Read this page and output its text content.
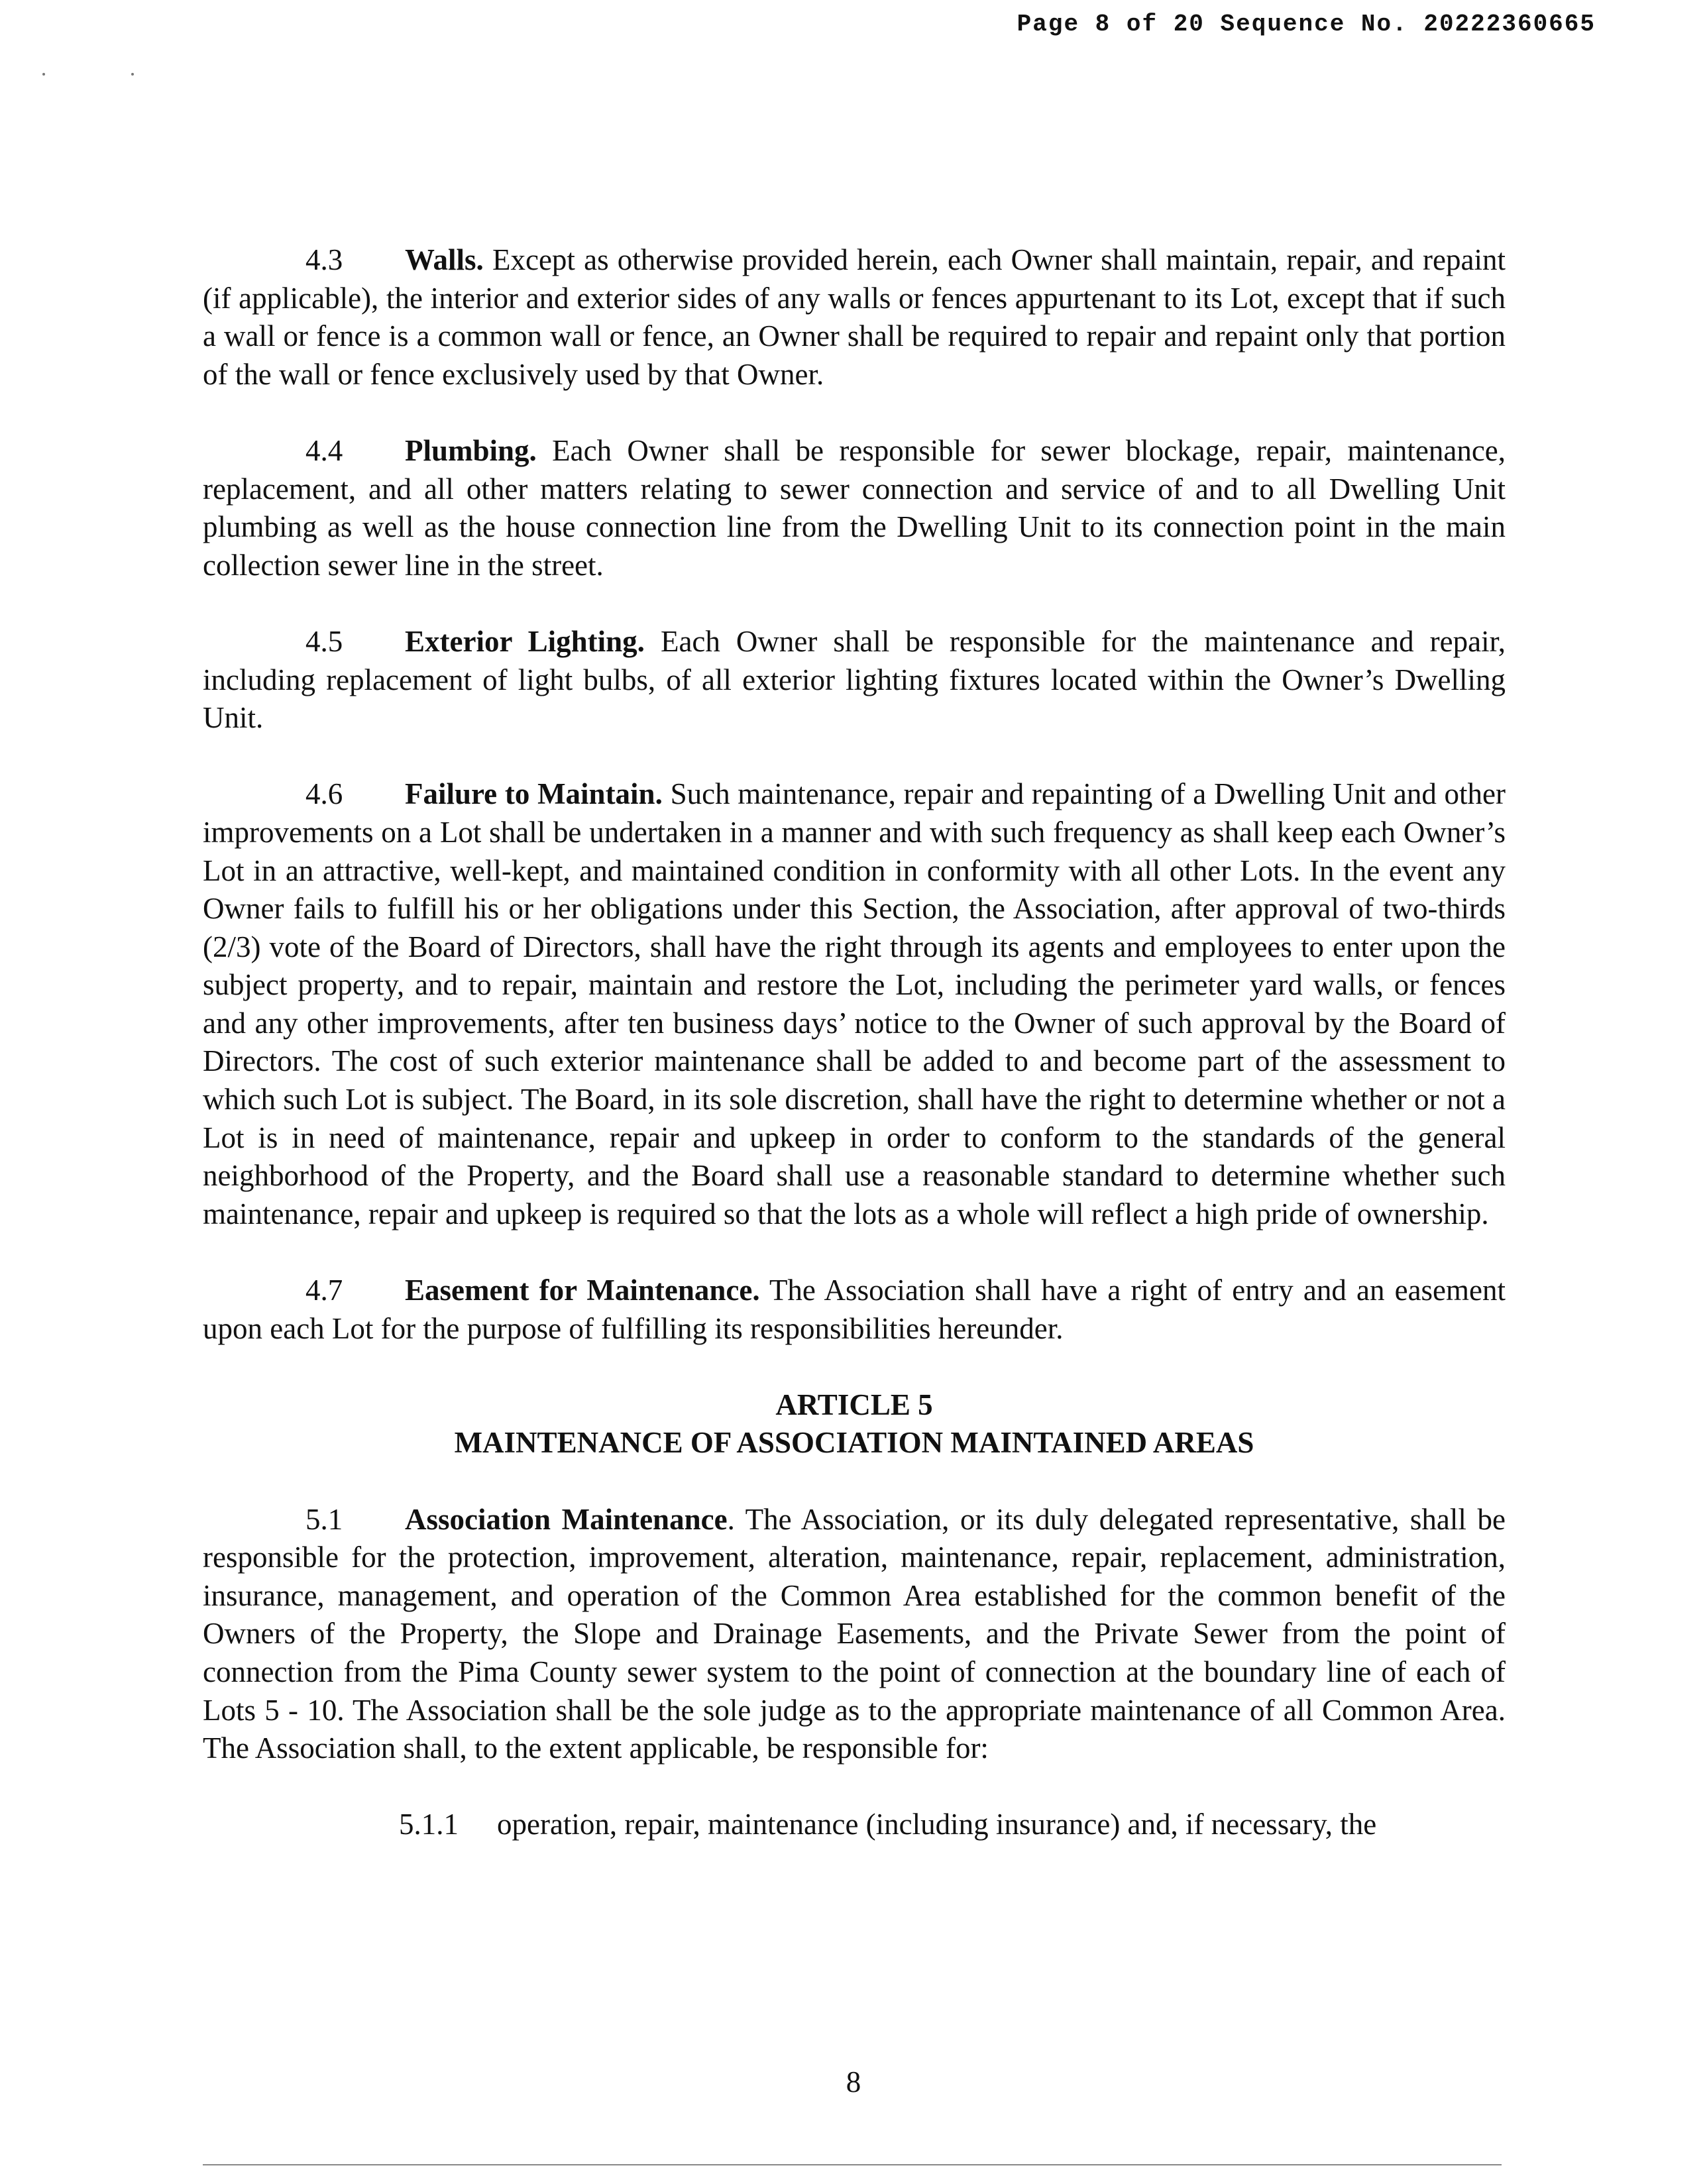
Page 8 of 20 Sequence No. 20222360665

4.3 Walls. Except as otherwise provided herein, each Owner shall maintain, repair, and repaint (if applicable), the interior and exterior sides of any walls or fences appurtenant to its Lot, except that if such a wall or fence is a common wall or fence, an Owner shall be required to repair and repaint only that portion of the wall or fence exclusively used by that Owner.

4.4 Plumbing. Each Owner shall be responsible for sewer blockage, repair, maintenance, replacement, and all other matters relating to sewer connection and service of and to all Dwelling Unit plumbing as well as the house connection line from the Dwelling Unit to its connection point in the main collection sewer line in the street.

4.5 Exterior Lighting. Each Owner shall be responsible for the maintenance and repair, including replacement of light bulbs, of all exterior lighting fixtures located within the Owner’s Dwelling Unit.

4.6 Failure to Maintain. Such maintenance, repair and repainting of a Dwelling Unit and other improvements on a Lot shall be undertaken in a manner and with such frequency as shall keep each Owner’s Lot in an attractive, well-kept, and maintained condition in conformity with all other Lots. In the event any Owner fails to fulfill his or her obligations under this Section, the Association, after approval of two-thirds (2/3) vote of the Board of Directors, shall have the right through its agents and employees to enter upon the subject property, and to repair, maintain and restore the Lot, including the perimeter yard walls, or fences and any other improvements, after ten business days’ notice to the Owner of such approval by the Board of Directors. The cost of such exterior maintenance shall be added to and become part of the assessment to which such Lot is subject. The Board, in its sole discretion, shall have the right to determine whether or not a Lot is in need of maintenance, repair and upkeep in order to conform to the standards of the general neighborhood of the Property, and the Board shall use a reasonable standard to determine whether such maintenance, repair and upkeep is required so that the lots as a whole will reflect a high pride of ownership.

4.7 Easement for Maintenance. The Association shall have a right of entry and an easement upon each Lot for the purpose of fulfilling its responsibilities hereunder.

ARTICLE 5
MAINTENANCE OF ASSOCIATION MAINTAINED AREAS

5.1 Association Maintenance. The Association, or its duly delegated representative, shall be responsible for the protection, improvement, alteration, maintenance, repair, replacement, administration, insurance, management, and operation of the Common Area established for the common benefit of the Owners of the Property, the Slope and Drainage Easements, and the Private Sewer from the point of connection from the Pima County sewer system to the point of connection at the boundary line of each of Lots 5 - 10. The Association shall be the sole judge as to the appropriate maintenance of all Common Area. The Association shall, to the extent applicable, be responsible for:

5.1.1 operation, repair, maintenance (including insurance) and, if necessary, the

8
